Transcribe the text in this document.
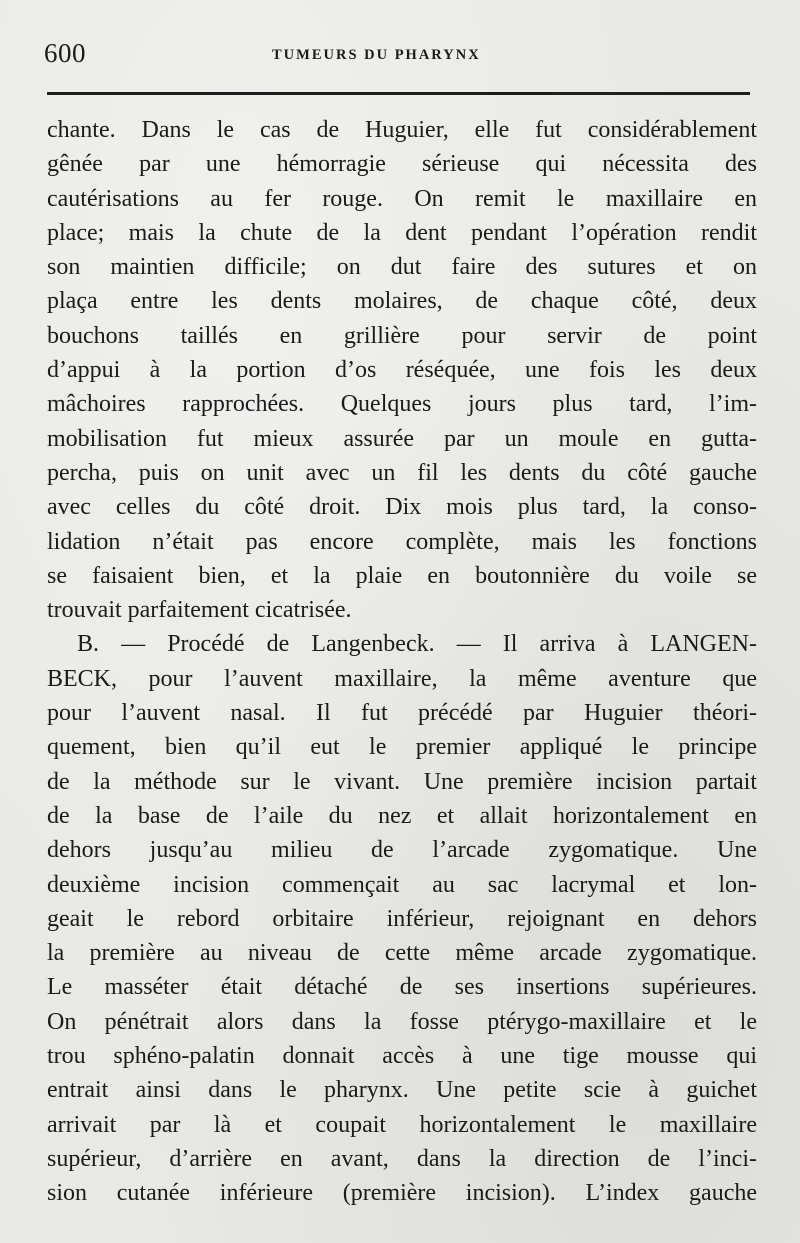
600	TUMEURS DU PHARYNX
chante. Dans le cas de Huguier, elle fut considérablement
gênée par une hémorragie sérieuse qui nécessita des
cautérisations au fer rouge. On remit le maxillaire en
place; mais la chute de la dent pendant l’opération rendit
son maintien difficile; on dut faire des sutures et on
plaça entre les dents molaires, de chaque côté, deux
bouchons taillés en grillière pour servir de point
d’appui à la portion d’os réséquée, une fois les deux
mâchoires rapprochées. Quelques jours plus tard, l’im-
mobilisation fut mieux assurée par un moule en gutta-
percha, puis on unit avec un fil les dents du côté gauche
avec celles du côté droit. Dix mois plus tard, la conso-
lidation n’était pas encore complète, mais les fonctions
se faisaient bien, et la plaie en boutonnière du voile se
trouvait parfaitement cicatrisée.
B. — Procédé de Langenbeck. — Il arriva à LANGEN-
BECK, pour l’auvent maxillaire, la même aventure que
pour l’auvent nasal. Il fut précédé par Huguier théori-
quement, bien qu’il eut le premier appliqué le principe
de la méthode sur le vivant. Une première incision partait
de la base de l’aile du nez et allait horizontalement en
dehors jusqu’au milieu de l’arcade zygomatique. Une
deuxième incision commençait au sac lacrymal et lon-
geait le rebord orbitaire inférieur, rejoignant en dehors
la première au niveau de cette même arcade zygomatique.
Le masséter était détaché de ses insertions supérieures.
On pénétrait alors dans la fosse ptérygo-maxillaire et le
trou sphéno-palatin donnait accès à une tige mousse qui
entrait ainsi dans le pharynx. Une petite scie à guichet
arrivait par là et coupait horizontalement le maxillaire
supérieur, d’arrière en avant, dans la direction de l’inci-
sion cutanée inférieure (première incision). L’index gauche
